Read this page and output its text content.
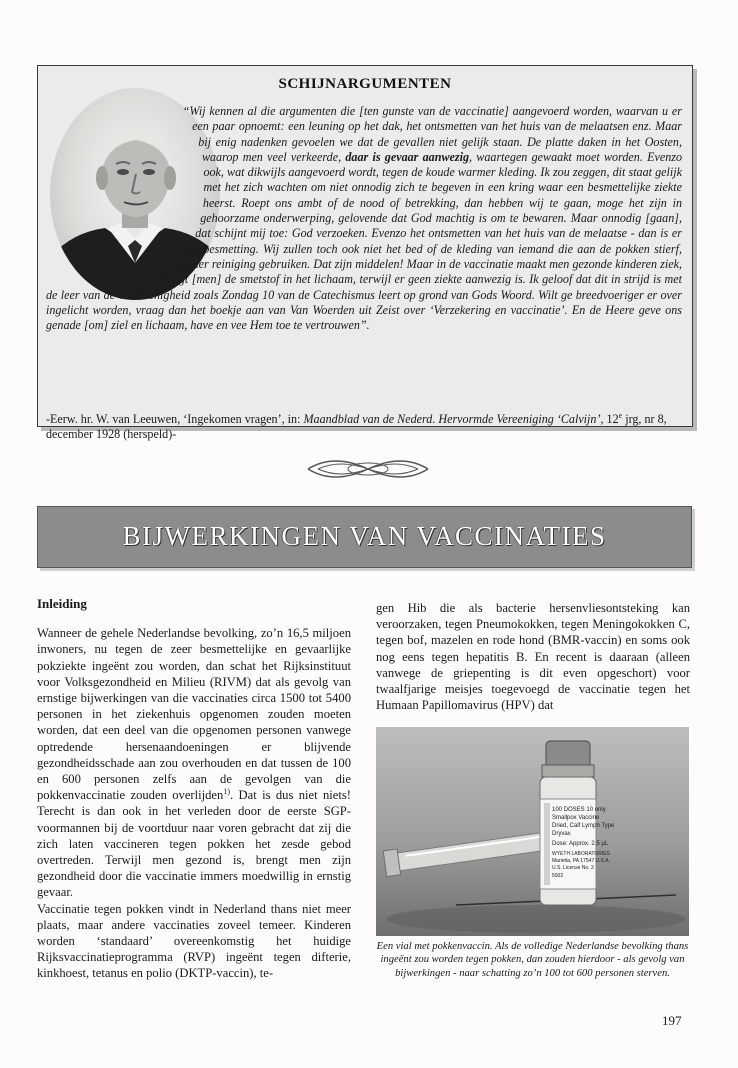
SCHIJNARGUMENTEN

“Wij kennen al die argumenten die [ten gunste van de vaccinatie] aangevoerd worden, waarvan u er een paar opnoemt: een leuning op het dak, het ontsmetten van het huis van de melaatsen enz. Maar bij enig nadenken gevoelen we dat de gevallen niet gelijk staan. De platte daken in het Oosten, waarop men veel verkeerde, daar is gevaar aanwezig, waartegen gewaakt moet worden. Evenzo ook, wat dikwijls aangevoerd wordt, tegen de koude warmer kleding. Ik zou zeggen, dit staat gelijk met het zich wachten om niet onnodig zich te begeven in een kring waar een besmettelijke ziekte heerst. Roept ons ambt of de nood of betrekking, dan hebben wij te gaan, moge het zijn in gehoorzame onderwerping, gelovende dat God machtig is om te bewaren. Maar onnodig [gaan], dat schijnt mij toe: God verzoeken. Evenzo het ontsmetten van het huis van de melaatse - dan is er de besmetting. Wij zullen toch ook niet het bed of de kleding van iemand die aan de pokken stierf, zonder reiniging gebruiken. Dat zijn middelen! Maar in de vaccinatie maakt men gezonde kinderen ziek, brengt [men] de smetstof in het lichaam, terwijl er geen ziekte aanwezig is. Ik geloof dat dit in strijd is met de leer van de voorzienigheid zoals Zondag 10 van de Catechismus leert op grond van Gods Woord. Wilt ge breedvoeriger er over ingelicht worden, vraag dan het boekje aan van Van Woerden uit Zeist over ‘Verzekering en vaccinatie’. En de Heere geve ons genade [om] ziel en lichaam, have en vee Hem toe te vertrouwen”.

-Eerw. hr. W. van Leeuwen, ‘Ingekomen vragen’, in: Maandblad van de Nederd. Hervormde Vereeniging ‘Calvijn’, 12e jrg, nr 8, december 1928 (herspeld)-

BIJWERKINGEN VAN VACCINATIES
Inleiding

Wanneer de gehele Nederlandse bevolking, zo’n 16,5 miljoen inwoners, nu tegen de zeer besmettelijke en gevaarlijke pokziekte ingeënt zou worden, dan schat het Rijksinstituut voor Volksgezondheid en Milieu (RIVM) dat als gevolg van ernstige bijwerkingen van die vaccinaties circa 1500 tot 5400 personen in het ziekenhuis opgenomen zouden moeten worden, dat een deel van die opgenomen personen vanwege optredende hersenaandoeningen er blijvende gezondheidsschade aan zou overhouden en dat tussen de 100 en 600 personen zelfs aan de gevolgen van die pokkenvaccinatie zouden overlijden$^{1)}$. Dat is dus niet niets! Terecht is dan ook in het verleden door de eerste SGP-voormannen bij de voortduur naar voren gebracht dat zij die zich laten vaccineren tegen pokken het zesde gebod overtreden. Terwijl men gezond is, brengt men zijn gezondheid door die vaccinatie immers moedwillig in ernstig gevaar.

Vaccinatie tegen pokken vindt in Nederland thans niet meer plaats, maar andere vaccinaties zoveel temeer. Kinderen worden ‘standaard’ overeenkomstig het huidige Rijksvaccinatieprogramma (RVP) ingeënt tegen difterie, kinkhoest, tetanus en polio (DKTP-vaccin), te-

gen Hib die als bacterie hersenvliesontsteking kan veroorzaken, tegen Pneumokokken, tegen Meningokokken C, tegen bof, mazelen en rode hond (BMR-vaccin) en soms ook nog eens tegen hepatitis B. En recent is daaraan (alleen vanwege de griepenting is dit even opgeschort) voor twaalfjarige meisjes toegevoegd de vaccinatie tegen het Humaan Papillomavirus (HPV) dat

100 DOSES 10 only
Smallpox Vaccine
Dried, Calf Lymph Type
Dryvax
Dose: Approx. 2.5 µL
WYETH LABORATORIES
Marietta, PA 17547 U.S.A.
U.S. License No. 3
5002

Een vial met pokkenvaccin. Als de volledige Nederlandse bevolking thans ingeënt zou worden tegen pokken, dan zouden hierdoor - als gevolg van bijwerkingen - naar schatting zo’n 100 tot 600 personen sterven.

197
